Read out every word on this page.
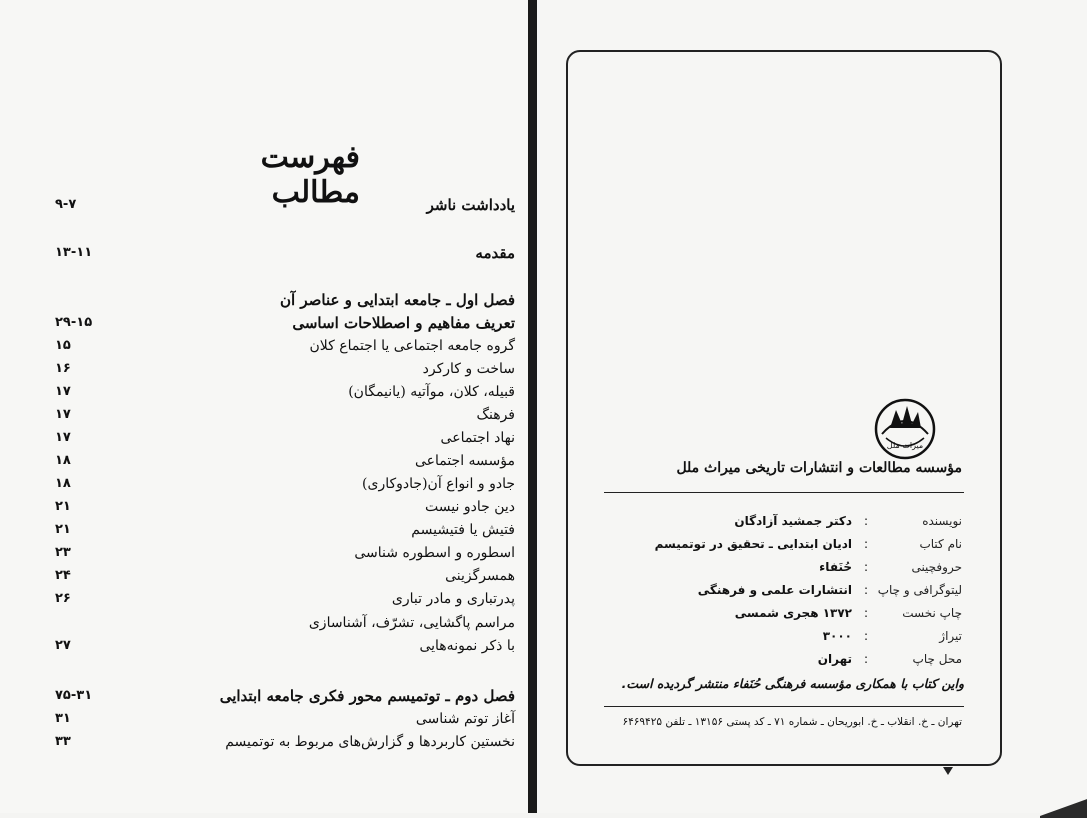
فهرست مطالب	یادداشت ناشر
۹-۷
مقدمه
۱۳-۱۱
فصل اول ـ جامعه ابتدایی و عناصر آن
تعریف مفاهیم و اصطلاحات اساسی
۲۹-۱۵
گروه جامعه اجتماعی یا اجتماع کلان
۱۵
ساخت و کارکرد
۱۶
قبیله، کلان، موآتیه (یانیمگان)
۱۷
فرهنگ
۱۷
نهاد اجتماعی
۱۷
مؤسسه اجتماعی
۱۸
جادو و انواع آن(جادوکاری)
۱۸
دین جادو نیست
۲۱
فتیش یا فتیشیسم
۲۱
اسطوره و اسطوره شناسی
۲۳
همسرگزینی
۲۴
پدرتباری و مادر تباری
۲۶
مراسم پاگشایی، تشرّف، آشناسازی
با ذکر نمونه‌هایی
۲۷
فصل دوم ـ توتمیسم محور فکری جامعه ابتدایی
۷۵-۳۱
آغاز توتم شناسی
۳۱
نخستین کاربردها و گزارش‌های مربوط به توتمیسم
۳۳
میراث ملل
مؤسسه مطالعات و انتشارات تاریخی میراث ملل
نویسنده
:
دکتر جمشید آزادگان
نام کتاب
:
ادیان ابتدایی ـ تحقیق در توتمیسم
حروفچینی
:
حُنَفاء
لیتوگرافی و چاپ
:
انتشارات علمی و فرهنگی
چاپ نخست
:
۱۳۷۲ هجری شمسی
تیراژ
:
۳۰۰۰
محل چاپ
:
تهران
واین کتاب با همکاری مؤسسه فرهنگی حُنَفاء منتشر گردیده است.
تهران ـ خ. انقلاب ـ خ. ابوریحان ـ شماره ۷۱ ـ کد پستی ۱۳۱۵۶ ـ تلفن ۶۴۶۹۴۲۵
